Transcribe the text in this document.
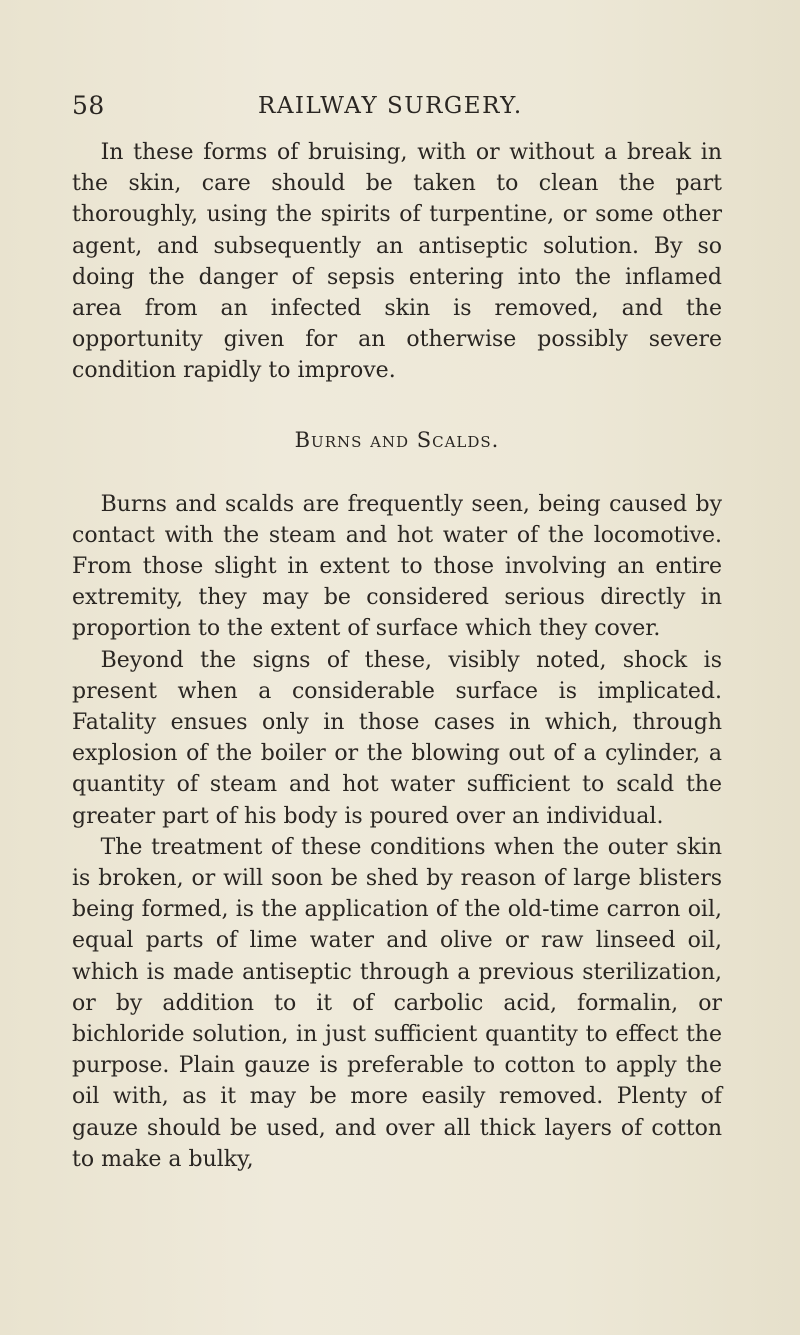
58	RAILWAY SURGERY.

In these forms of bruising, with or without a break in the skin, care should be taken to clean the part thoroughly, using the spirits of turpentine, or some other agent, and subsequently an antiseptic solution. By so doing the danger of sepsis entering into the inflamed area from an infected skin is removed, and the opportunity given for an otherwise possibly severe condition rapidly to improve.

Burns and Scalds.

Burns and scalds are frequently seen, being caused by contact with the steam and hot water of the locomotive. From those slight in extent to those involving an entire extremity, they may be considered serious directly in proportion to the extent of surface which they cover.

Beyond the signs of these, visibly noted, shock is present when a considerable surface is implicated. Fatality ensues only in those cases in which, through explosion of the boiler or the blowing out of a cylinder, a quantity of steam and hot water sufficient to scald the greater part of his body is poured over an individual.

The treatment of these conditions when the outer skin is broken, or will soon be shed by reason of large blisters being formed, is the application of the old-time carron oil, equal parts of lime water and olive or raw linseed oil, which is made antiseptic through a previous sterilization, or by addition to it of carbolic acid, formalin, or bichloride solution, in just sufficient quantity to effect the purpose. Plain gauze is preferable to cotton to apply the oil with, as it may be more easily removed. Plenty of gauze should be used, and over all thick layers of cotton to make a bulky,
